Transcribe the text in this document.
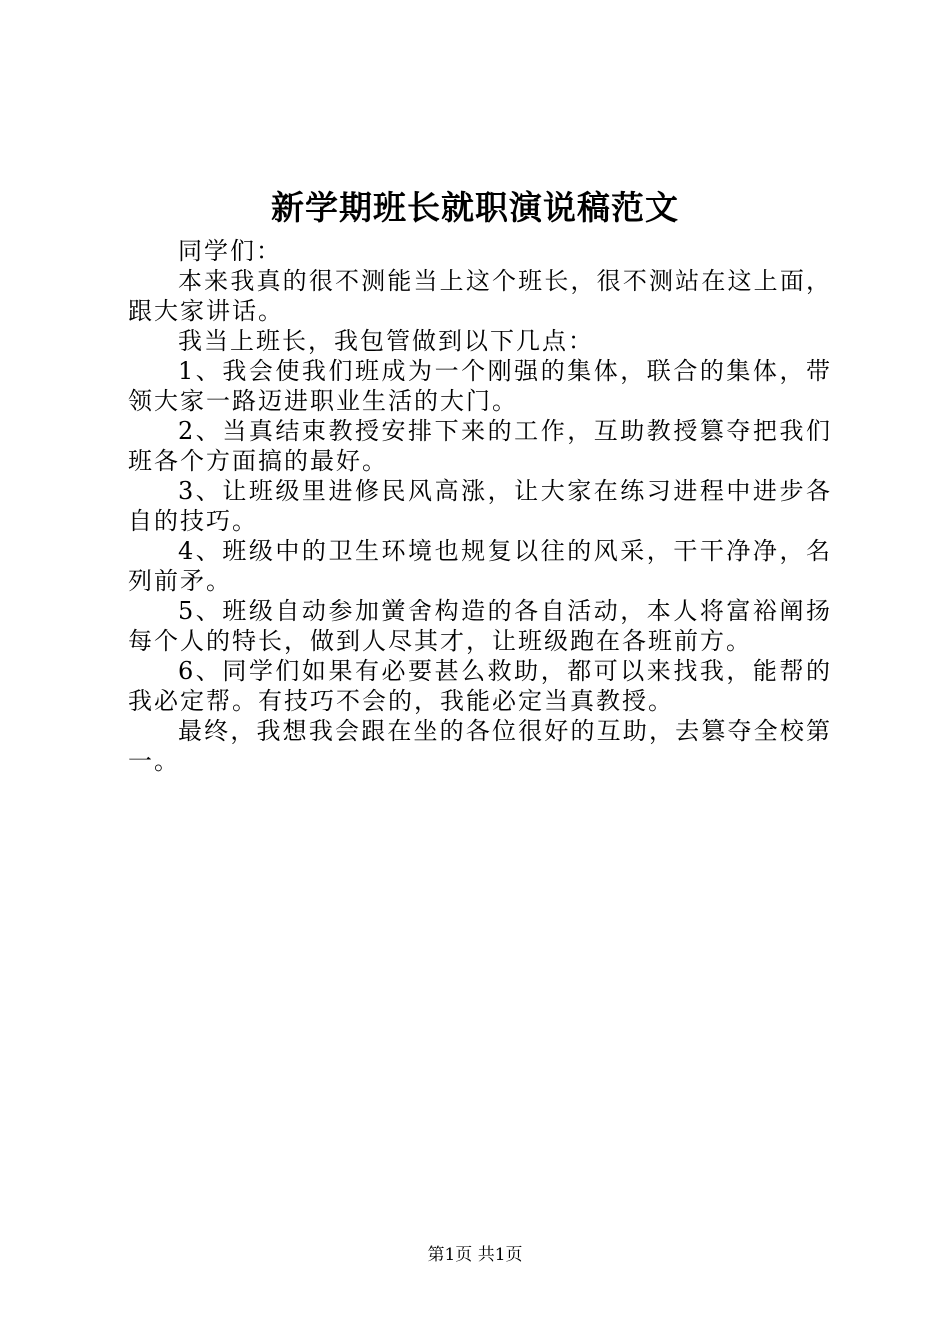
新学期班长就职演说稿范文

同学们：

本来我真的很不测能当上这个班长，很不测站在这上面，跟大家讲话。

我当上班长，我包管做到以下几点：

1、我会使我们班成为一个刚强的集体，联合的集体，带领大家一路迈进职业生活的大门。

2、当真结束教授安排下来的工作，互助教授篡夺把我们班各个方面搞的最好。

3、让班级里进修民风高涨，让大家在练习进程中进步各自的技巧。

4、班级中的卫生环境也规复以往的风采，干干净净，名列前矛。

5、班级自动参加黉舍构造的各自活动，本人将富裕阐扬每个人的特长，做到人尽其才，让班级跑在各班前方。

6、同学们如果有必要甚么救助，都可以来找我，能帮的我必定帮。有技巧不会的，我能必定当真教授。

最终，我想我会跟在坐的各位很好的互助，去篡夺全校第一。

第1页 共1页
